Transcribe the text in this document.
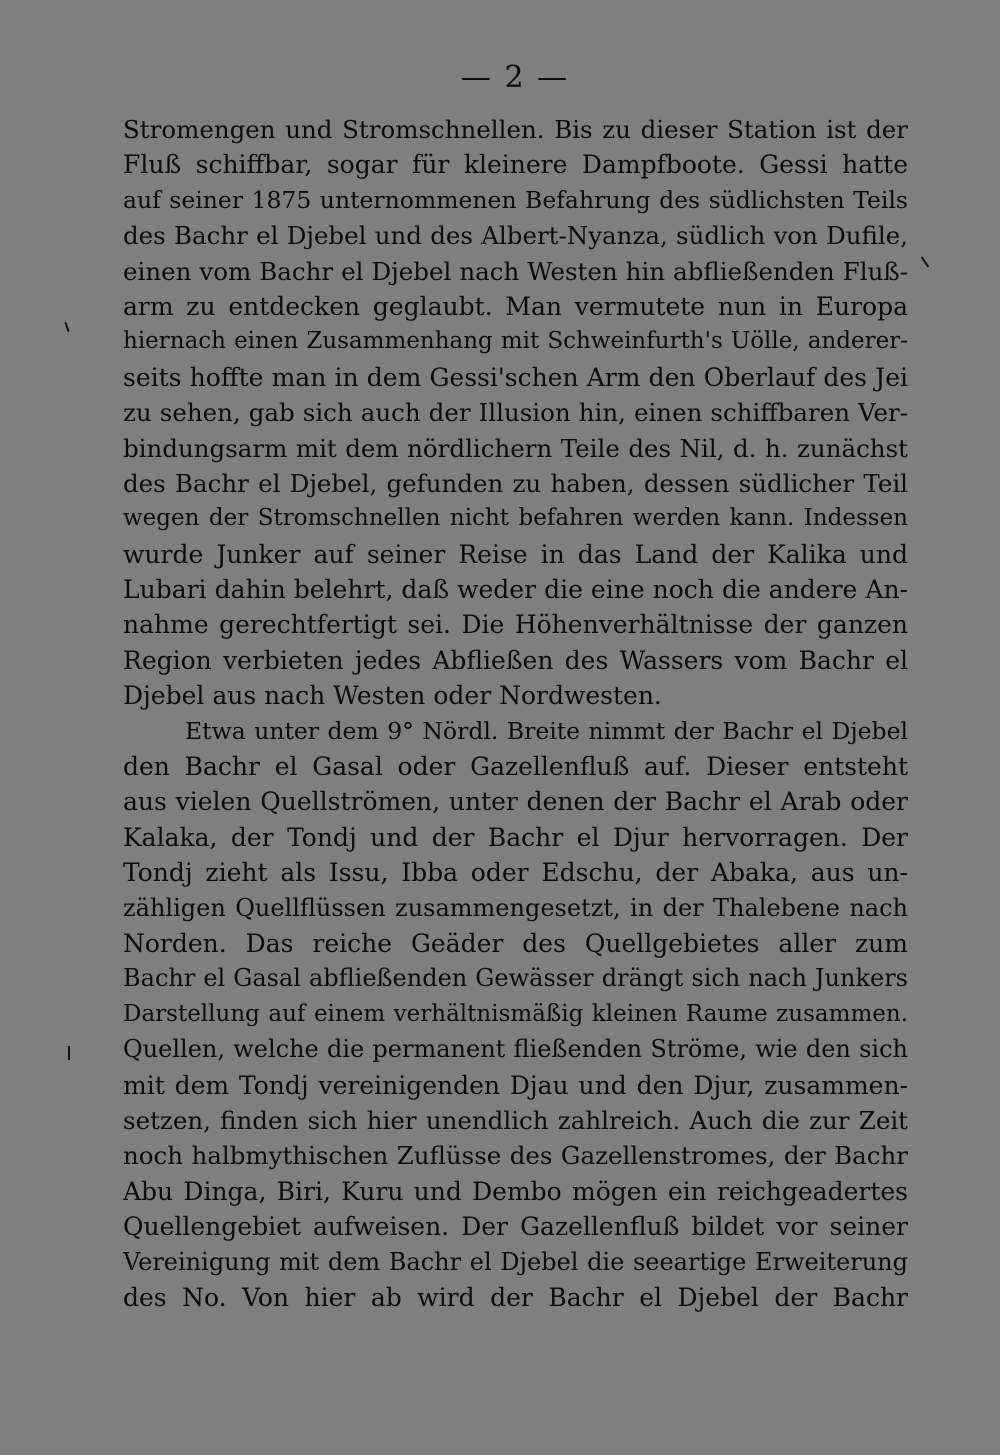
— 2 —
Stromengen und Stromschnellen. Bis zu dieser Station ist der
Fluß schiffbar, sogar für kleinere Dampfboote. Gessi hatte
auf seiner 1875 unternommenen Befahrung des südlichsten Teils
des Bachr el Djebel und des Albert-Nyanza, südlich von Dufile,
einen vom Bachr el Djebel nach Westen hin abfließenden Fluß-
arm zu entdecken geglaubt. Man vermutete nun in Europa
hiernach einen Zusammenhang mit Schweinfurth's Uölle, anderer-
seits hoffte man in dem Gessi'schen Arm den Oberlauf des Jei
zu sehen, gab sich auch der Illusion hin, einen schiffbaren Ver-
bindungsarm mit dem nördlichern Teile des Nil, d. h. zunächst
des Bachr el Djebel, gefunden zu haben, dessen südlicher Teil
wegen der Stromschnellen nicht befahren werden kann. Indessen
wurde Junker auf seiner Reise in das Land der Kalika und
Lubari dahin belehrt, daß weder die eine noch die andere An-
nahme gerechtfertigt sei. Die Höhenverhältnisse der ganzen
Region verbieten jedes Abfließen des Wassers vom Bachr el
Djebel aus nach Westen oder Nordwesten.
Etwa unter dem 9° Nördl. Breite nimmt der Bachr el Djebel
den Bachr el Gasal oder Gazellenfluß auf. Dieser entsteht
aus vielen Quellströmen, unter denen der Bachr el Arab oder
Kalaka, der Tondj und der Bachr el Djur hervorragen. Der
Tondj zieht als Issu, Ibba oder Edschu, der Abaka, aus un-
zähligen Quellflüssen zusammengesetzt, in der Thalebene nach
Norden. Das reiche Geäder des Quellgebietes aller zum
Bachr el Gasal abfließenden Gewässer drängt sich nach Junkers
Darstellung auf einem verhältnismäßig kleinen Raume zusammen.
Quellen, welche die permanent fließenden Ströme, wie den sich
mit dem Tondj vereinigenden Djau und den Djur, zusammen-
setzen, finden sich hier unendlich zahlreich. Auch die zur Zeit
noch halbmythischen Zuflüsse des Gazellenstromes, der Bachr
Abu Dinga, Biri, Kuru und Dembo mögen ein reichgeadertes
Quellengebiet aufweisen. Der Gazellenfluß bildet vor seiner
Vereinigung mit dem Bachr el Djebel die seeartige Erweiterung
des No. Von hier ab wird der Bachr el Djebel der Bachr
